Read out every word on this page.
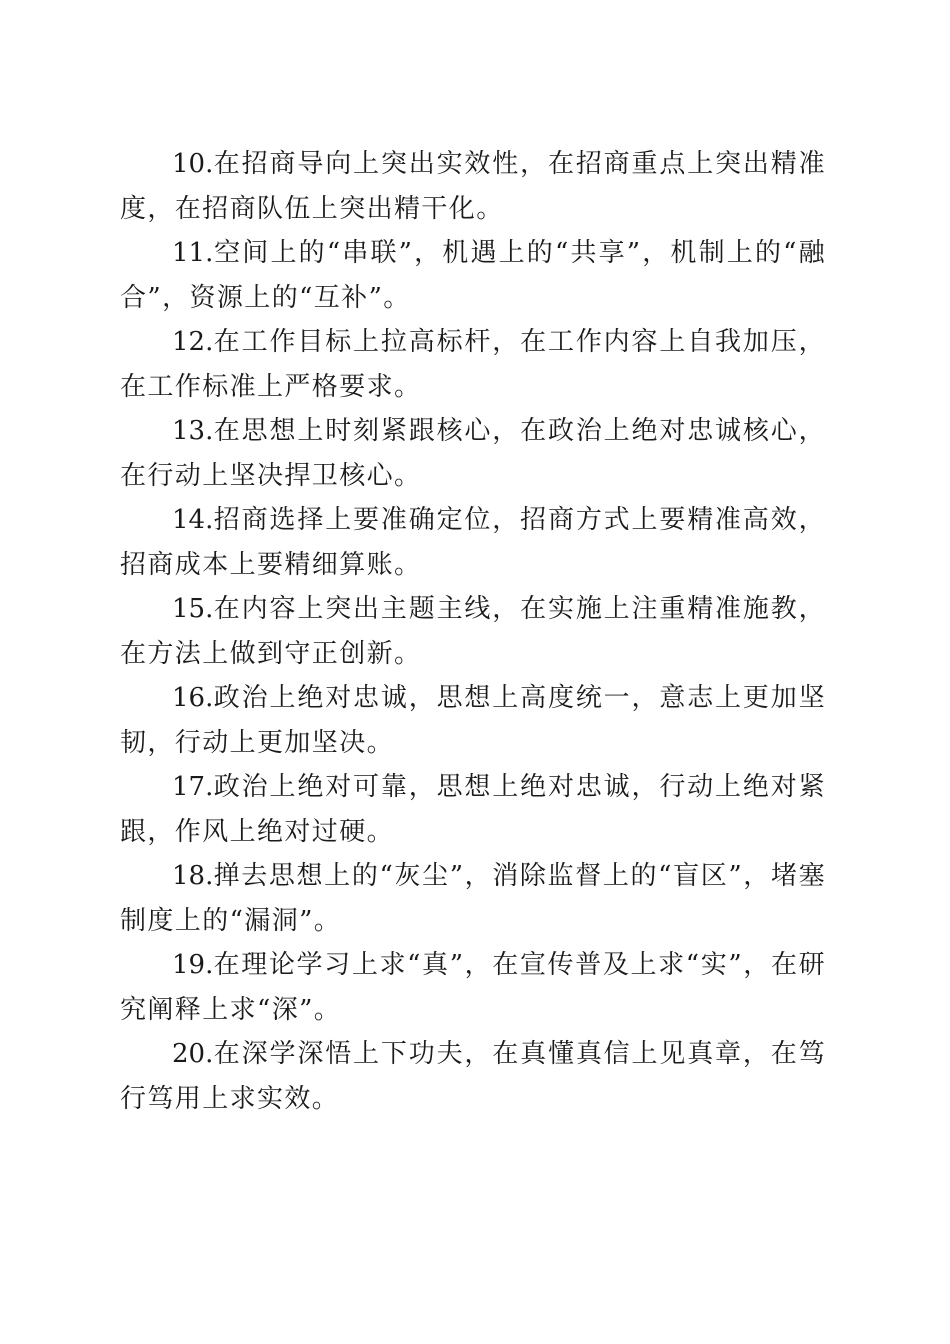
10.在招商导向上突出实效性，在招商重点上突出精准度，在招商队伍上突出精干化。

11.空间上的“串联”，机遇上的“共享”，机制上的“融合”，资源上的“互补”。

12.在工作目标上拉高标杆，在工作内容上自我加压，在工作标准上严格要求。

13.在思想上时刻紧跟核心，在政治上绝对忠诚核心，在行动上坚决捍卫核心。

14.招商选择上要准确定位，招商方式上要精准高效，招商成本上要精细算账。

15.在内容上突出主题主线，在实施上注重精准施教，在方法上做到守正创新。

16.政治上绝对忠诚，思想上高度统一，意志上更加坚韧，行动上更加坚决。

17.政治上绝对可靠，思想上绝对忠诚，行动上绝对紧跟，作风上绝对过硬。

18.掸去思想上的“灰尘”，消除监督上的“盲区”，堵塞制度上的“漏洞”。

19.在理论学习上求“真”，在宣传普及上求“实”，在研究阐释上求“深”。

20.在深学深悟上下功夫，在真懂真信上见真章，在笃行笃用上求实效。
